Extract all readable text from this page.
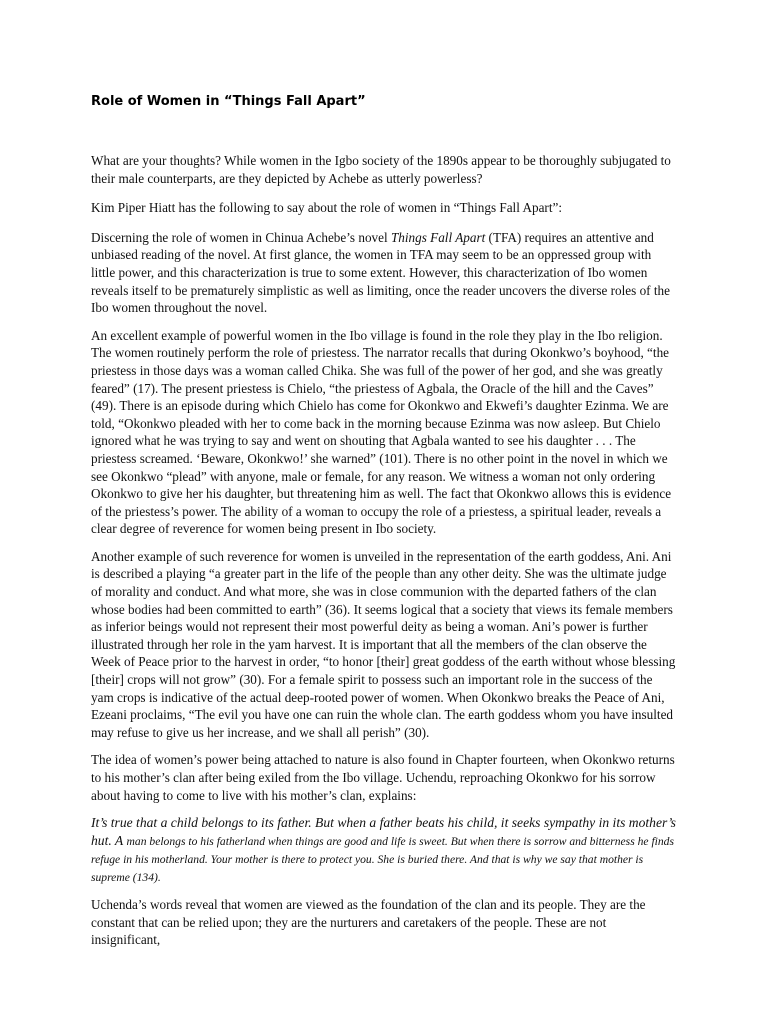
Role of Women in “Things Fall Apart”

What are your thoughts? While women in the Igbo society of the 1890s appear to be thoroughly subjugated to their male counterparts, are they depicted by Achebe as utterly powerless?

Kim Piper Hiatt has the following to say about the role of women in “Things Fall Apart”:

Discerning the role of women in Chinua Achebe’s novel Things Fall Apart (TFA) requires an attentive and unbiased reading of the novel. At first glance, the women in TFA may seem to be an oppressed group with little power, and this characterization is true to some extent. However, this characterization of Ibo women reveals itself to be prematurely simplistic as well as limiting, once the reader uncovers the diverse roles of the Ibo women throughout the novel.

An excellent example of powerful women in the Ibo village is found in the role they play in the Ibo religion. The women routinely perform the role of priestess. The narrator recalls that during Okonkwo’s boyhood, “the priestess in those days was a woman called Chika. She was full of the power of her god, and she was greatly feared” (17). The present priestess is Chielo, “the priestess of Agbala, the Oracle of the hill and the Caves” (49). There is an episode during which Chielo has come for Okonkwo and Ekwefi’s daughter Ezinma. We are told, “Okonkwo pleaded with her to come back in the morning because Ezinma was now asleep. But Chielo ignored what he was trying to say and went on shouting that Agbala wanted to see his daughter . . . The priestess screamed. ‘Beware, Okonkwo!’ she warned” (101). There is no other point in the novel in which we see Okonkwo “plead” with anyone, male or female, for any reason. We witness a woman not only ordering Okonkwo to give her his daughter, but threatening him as well. The fact that Okonkwo allows this is evidence of the priestess’s power. The ability of a woman to occupy the role of a priestess, a spiritual leader, reveals a clear degree of reverence for women being present in Ibo society.

Another example of such reverence for women is unveiled in the representation of the earth goddess, Ani. Ani is described a playing “a greater part in the life of the people than any other deity. She was the ultimate judge of morality and conduct. And what more, she was in close communion with the departed fathers of the clan whose bodies had been committed to earth” (36). It seems logical that a society that views its female members as inferior beings would not represent their most powerful deity as being a woman. Ani’s power is further illustrated through her role in the yam harvest. It is important that all the members of the clan observe the Week of Peace prior to the harvest in order, “to honor [their] great goddess of the earth without whose blessing [their] crops will not grow” (30). For a female spirit to possess such an important role in the success of the yam crops is indicative of the actual deep-rooted power of women. When Okonkwo breaks the Peace of Ani, Ezeani proclaims, “The evil you have one can ruin the whole clan. The earth goddess whom you have insulted may refuse to give us her increase, and we shall all perish” (30).

The idea of women’s power being attached to nature is also found in Chapter fourteen, when Okonkwo returns to his mother’s clan after being exiled from the Ibo village. Uchendu, reproaching Okonkwo for his sorrow about having to come to live with his mother’s clan, explains:

It’s true that a child belongs to its father. But when a father beats his child, it seeks sympathy in its mother’s hut. A man belongs to his fatherland when things are good and life is sweet. But when there is sorrow and bitterness he finds refuge in his motherland. Your mother is there to protect you. She is buried there. And that is why we say that mother is supreme (134).

Uchenda’s words reveal that women are viewed as the foundation of the clan and its people. They are the constant that can be relied upon; they are the nurturers and caretakers of the people. These are not insignificant,
